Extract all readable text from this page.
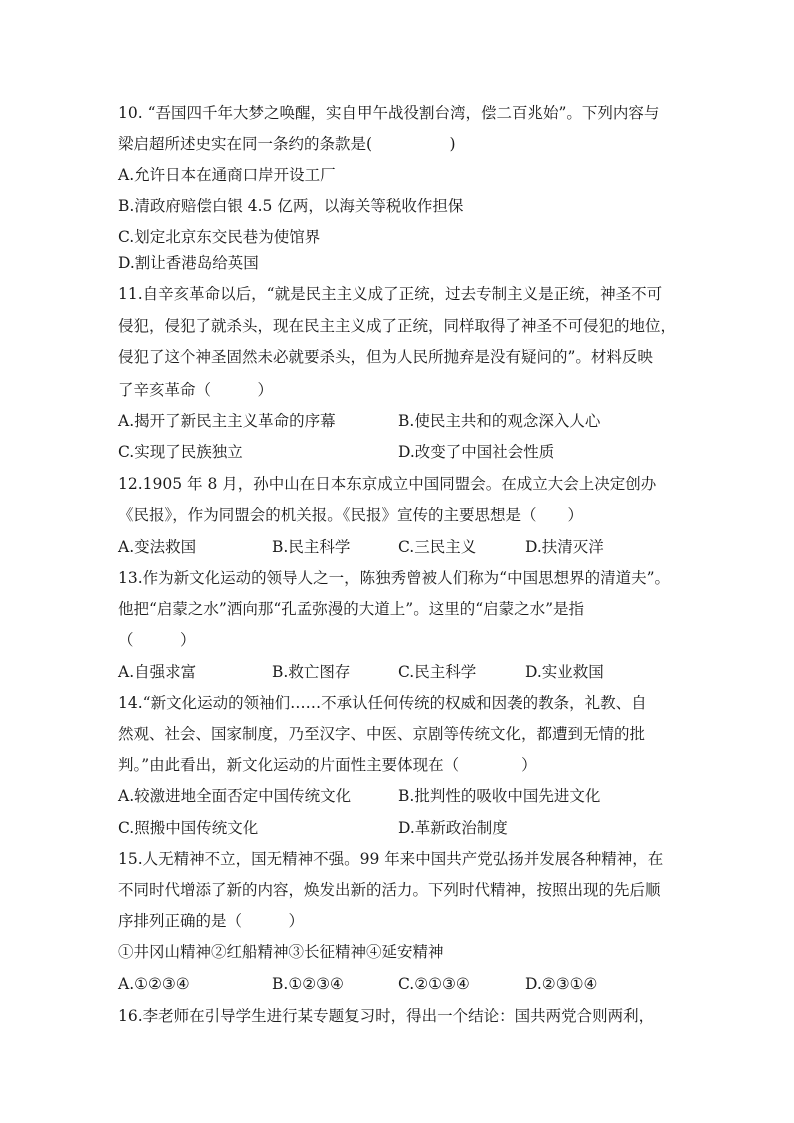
10. “吾国四千年大梦之唤醒，实自甲午战役割台湾，偿二百兆始”。下列内容与
梁启超所述史实在同一条约的条款是(　　　　　)
A.允许日本在通商口岸开设工厂
B.清政府赔偿白银 4.5 亿两，以海关等税收作担保
C.划定北京东交民巷为使馆界
D.割让香港岛给英国
11.自辛亥革命以后，“就是民主主义成了正统，过去专制主义是正统，神圣不可
侵犯，侵犯了就杀头，现在民主主义成了正统，同样取得了神圣不可侵犯的地位，
侵犯了这个神圣固然未必就要杀头，但为人民所抛弃是没有疑问的”。材料反映
了辛亥革命（　　　）
A.揭开了新民主主义革命的序幕	B.使民主共和的观念深入人心
C.实现了民族独立	D.改变了中国社会性质
12.1905 年 8 月，孙中山在日本东京成立中国同盟会。在成立大会上决定创办
《民报》，作为同盟会的机关报。《民报》宣传的主要思想是（　　）
A.变法救国	B.民主科学	C.三民主义	D.扶清灭洋
13.作为新文化运动的领导人之一，陈独秀曾被人们称为“中国思想界的清道夫”。
他把“启蒙之水”洒向那“孔孟弥漫的大道上”。这里的“启蒙之水”是指
（　　　）
A.自强求富	B.救亡图存	C.民主科学	D.实业救国
14.“新文化运动的领袖们……不承认任何传统的权威和因袭的教条，礼教、自
然观、社会、国家制度，乃至汉字、中医、京剧等传统文化，都遭到无情的批
判。”由此看出，新文化运动的片面性主要体现在（　　　　）
A.较激进地全面否定中国传统文化	B.批判性的吸收中国先进文化
C.照搬中国传统文化	D.革新政治制度
15.人无精神不立，国无精神不强。99 年来中国共产党弘扬并发展各种精神，在
不同时代增添了新的内容，焕发出新的活力。下列时代精神，按照出现的先后顺
序排列正确的是（　　　）
①井冈山精神②红船精神③长征精神④延安精神
A.①②③④	B.①②③④	C.②①③④	D.②③①④
16.李老师在引导学生进行某专题复习时，得出一个结论：国共两党合则两利，
